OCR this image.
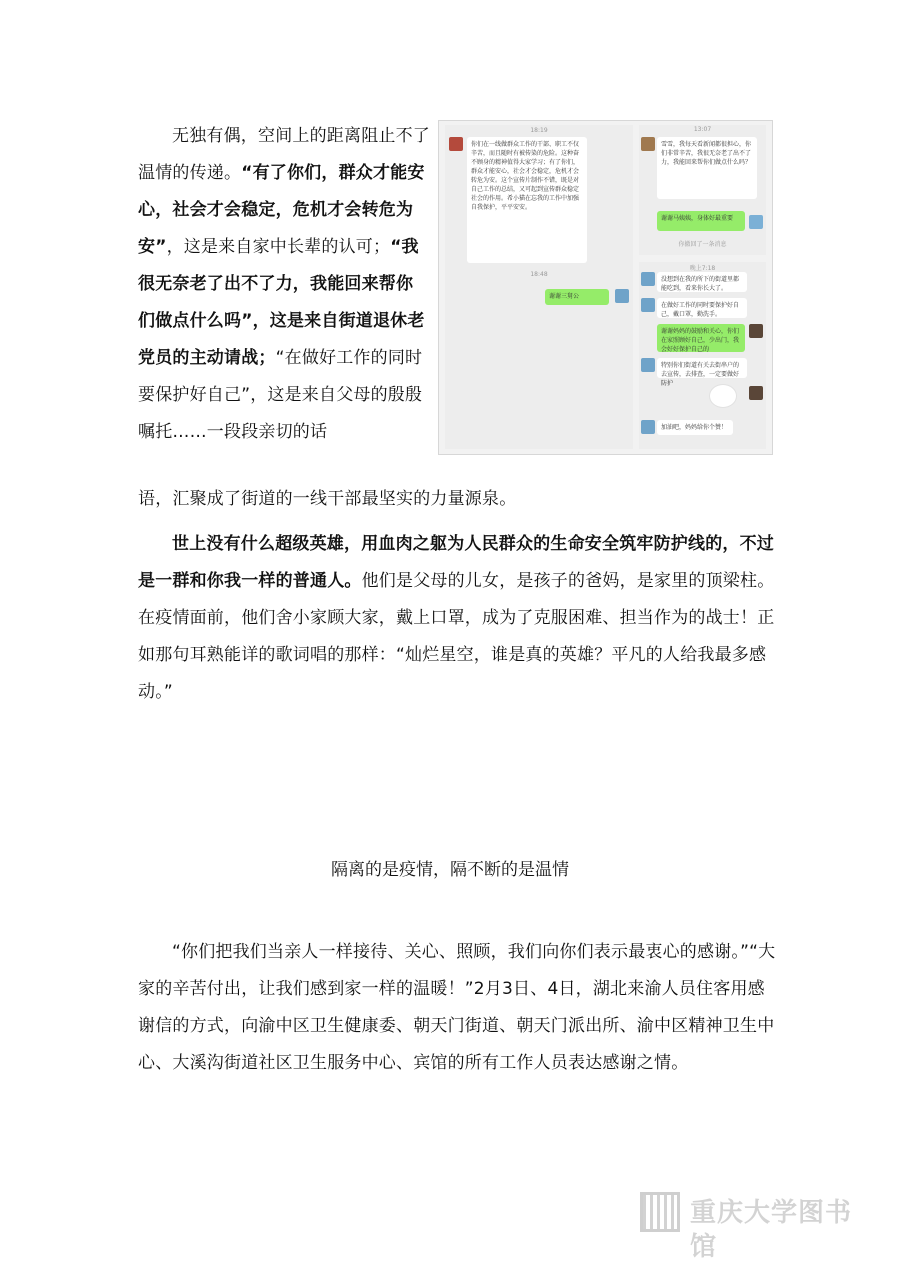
无独有偶，空间上的距离阻止不了温情的传递。“有了你们，群众才能安心，社会才会稳定，危机才会转危为安”，这是来自家中长辈的认可；“我很无奈老了出不了力，我能回来帮你们做点什么吗”，这是来自街道退休老党员的主动请战；“在做好工作的同时要保护好自己”，这是来自父母的殷殷嘱托……一段段亲切的话

语，汇聚成了街道的一线干部最坚实的力量源泉。

18:19
你们在一线做群众工作的干部、职工不仅辛苦，而且随时有被传染的危险。这种奋不顾身的精神值得大家学习；有了你们，群众才能安心，社会才会稳定，危机才会转危为安。这个宣传片制作不错，既是对自己工作的总结，又可起到宣传群众稳定社会的作用。希小猫在忘我的工作中加强自我保护，平平安安。
18:48
谢谢三舅公
13:07
雪雪，我每天看新闻都很担心，你们非常辛苦，我很无奈老了出不了力，我能回来帮你们做点什么吗？
谢谢马姨姨，身体好最重要
你撤回了一条消息
晚上7:18
没想到在我的所下的街道里都能吃到，看来你长大了。
在做好工作的同时要保护好自己，戴口罩，勤洗手。
谢谢妈妈的鼓励和关心，你们在家照顾好自己，少出门，我会好好保护自己的
特别你们街道有关去街串户的去宣传，去排查，一定要做好防护
加油吧，妈妈给你个赞！

世上没有什么超级英雄，用血肉之躯为人民群众的生命安全筑牢防护线的，不过是一群和你我一样的普通人。他们是父母的儿女，是孩子的爸妈，是家里的顶梁柱。在疫情面前，他们舍小家顾大家，戴上口罩，成为了克服困难、担当作为的战士！正如那句耳熟能详的歌词唱的那样：“灿烂星空，谁是真的英雄？平凡的人给我最多感动。”

隔离的是疫情，隔不断的是温情

“你们把我们当亲人一样接待、关心、照顾，我们向你们表示最衷心的感谢。”“大家的辛苦付出，让我们感到家一样的温暖！”2月3日、4日，湖北来渝人员住客用感谢信的方式，向渝中区卫生健康委、朝天门街道、朝天门派出所、渝中区精神卫生中心、大溪沟街道社区卫生服务中心、宾馆的所有工作人员表达感谢之情。

重庆大学图书馆
